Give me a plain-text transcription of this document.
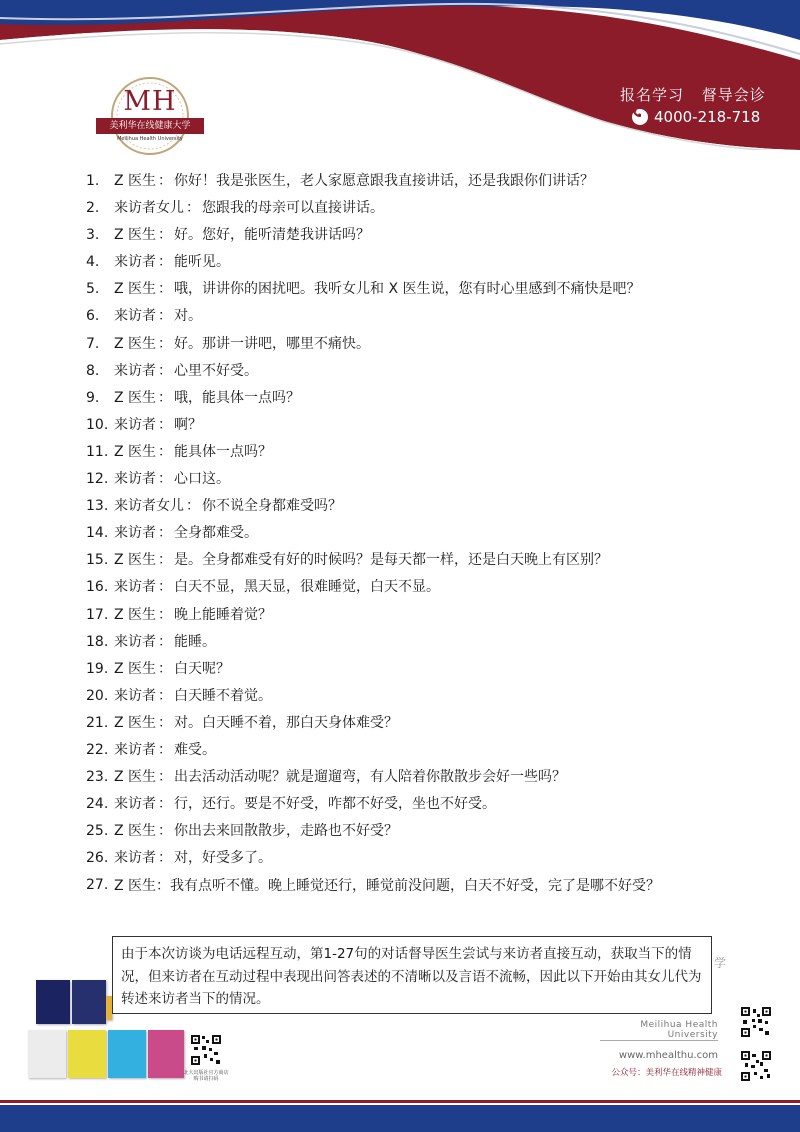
MH
美利华在线健康大学
Meilihua Health University
报名学习 督导会诊
4000-218-718
1.	Z 医生 ： 你好！我是张医生，老人家愿意跟我直接讲话，还是我跟你们讲话？
2.	来访者女儿 ： 您跟我的母亲可以直接讲话。
3.	Z 医生 ： 好。您好，能听清楚我讲话吗？
4.	来访者 ： 能听见。
5.	Z 医生 ： 哦，讲讲你的困扰吧。我听女儿和 X 医生说，您有时心里感到不痛快是吧？
6.	来访者 ： 对。
7.	Z 医生 ： 好。那讲一讲吧，哪里不痛快。
8.	来访者 ： 心里不好受。
9.	Z 医生 ： 哦，能具体一点吗？
10. 来访者 ： 啊？
11. Z 医生 ： 能具体一点吗？
12. 来访者 ： 心口这。
13. 来访者女儿 ： 你不说全身都难受吗？
14. 来访者 ： 全身都难受。
15. Z 医生 ： 是。全身都难受有好的时候吗？是每天都一样，还是白天晚上有区别？
16. 来访者 ： 白天不显，黑天显，很难睡觉，白天不显。
17. Z 医生 ： 晚上能睡着觉？
18. 来访者 ： 能睡。
19. Z 医生 ： 白天呢？
20. 来访者 ： 白天睡不着觉。
21. Z 医生 ： 对。白天睡不着，那白天身体难受？
22. 来访者 ： 难受。
23. Z 医生 ： 出去活动活动呢？就是遛遛弯，有人陪着你散散步会好一些吗？
24. 来访者 ： 行，还行。要是不好受，咋都不好受，坐也不好受。
25. Z 医生 ： 你出去来回散散步，走路也不好受？
26. 来访者 ： 对，好受多了。
27. Z 医生：我有点听不懂。晚上睡觉还行，睡觉前没问题，白天不好受，完了是哪不好受？
由于本次访谈为电话远程互动，第1-27句的对话督导医生尝试与来访者直接互动，获取当下的情况，但来访者在互动过程中表现出问答表述的不清晰以及言语不流畅，因此以下开始由其女儿代为转述来访者当下的情况。
北大出版社官方商店购书请扫码
学
Meilihua Health University
www.mhealthu.com
公众号：美利华在线精神健康
